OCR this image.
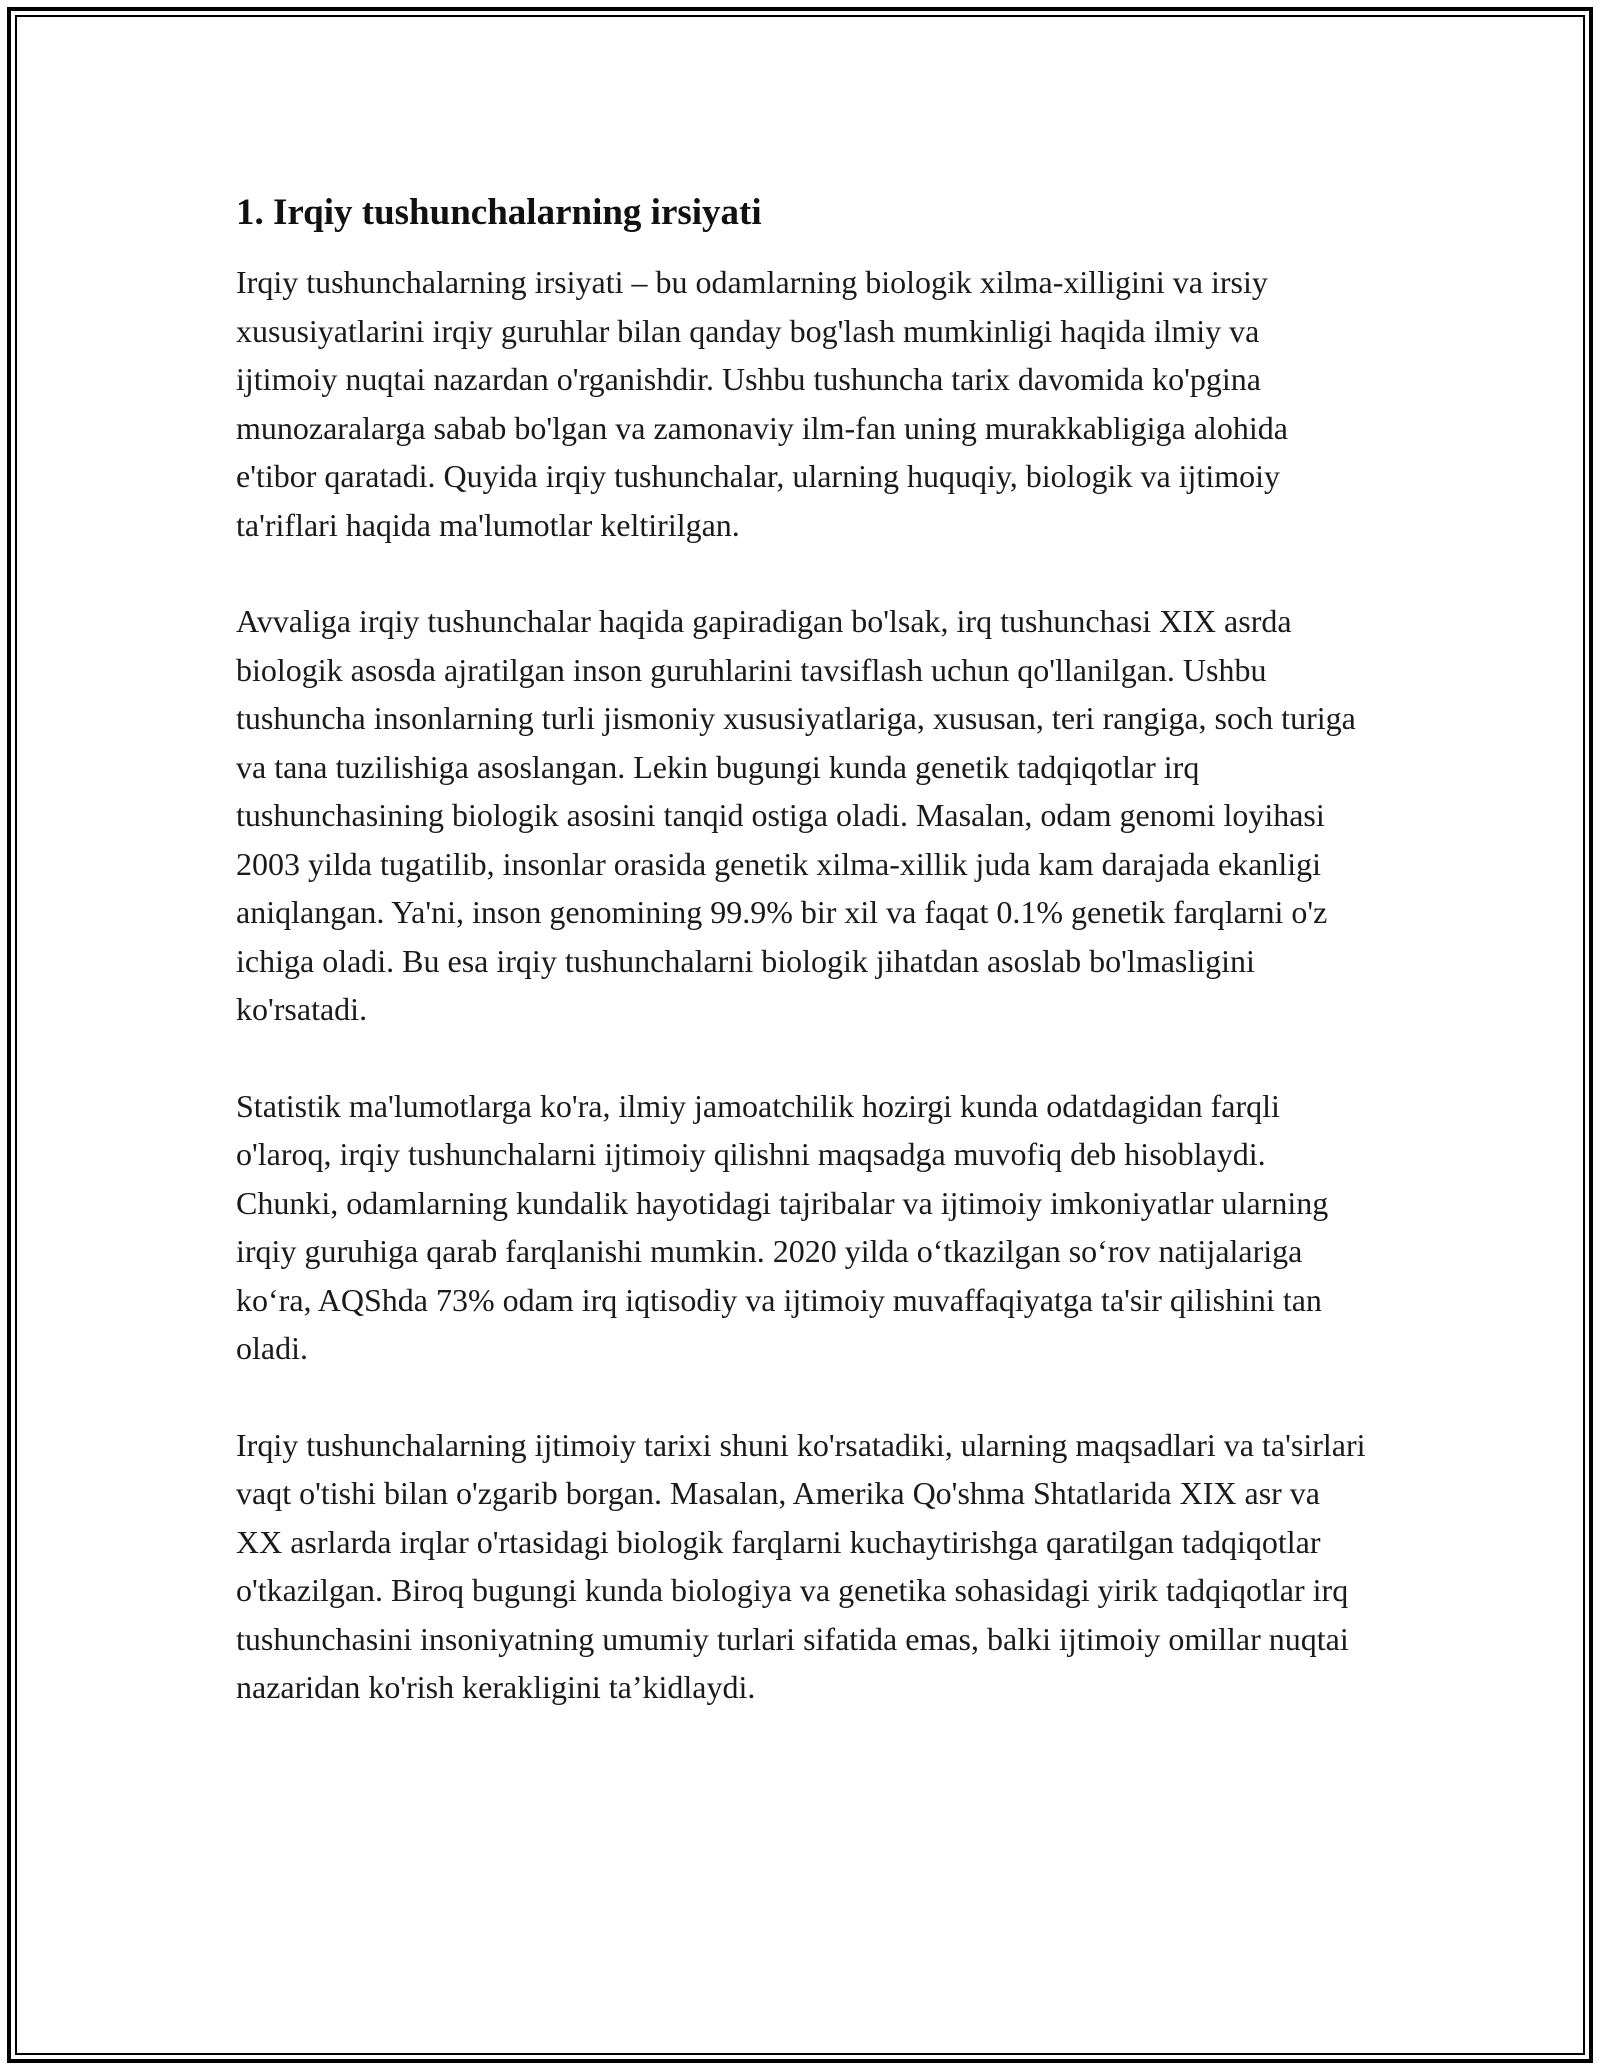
1. Irqiy tushunchalarning irsiyati

Irqiy tushunchalarning irsiyati – bu odamlarning biologik xilma-xilligini va irsiy xususiyatlarini irqiy guruhlar bilan qanday bog'lash mumkinligi haqida ilmiy va ijtimoiy nuqtai nazardan o'rganishdir. Ushbu tushuncha tarix davomida ko'pgina munozaralarga sabab bo'lgan va zamonaviy ilm-fan uning murakkabligiga alohida e'tibor qaratadi. Quyida irqiy tushunchalar, ularning huquqiy, biologik va ijtimoiy ta'riflari haqida ma'lumotlar keltirilgan.

Avvaliga irqiy tushunchalar haqida gapiradigan bo'lsak, irq tushunchasi XIX asrda biologik asosda ajratilgan inson guruhlarini tavsiflash uchun qo'llanilgan. Ushbu tushuncha insonlarning turli jismoniy xususiyatlariga, xususan, teri rangiga, soch turiga va tana tuzilishiga asoslangan. Lekin bugungi kunda genetik tadqiqotlar irq tushunchasining biologik asosini tanqid ostiga oladi. Masalan, odam genomi loyihasi 2003 yilda tugatilib, insonlar orasida genetik xilma-xillik juda kam darajada ekanligi aniqlangan. Ya'ni, inson genomining 99.9% bir xil va faqat 0.1% genetik farqlarni o'z ichiga oladi. Bu esa irqiy tushunchalarni biologik jihatdan asoslab bo'lmasligini ko'rsatadi.

Statistik ma'lumotlarga ko'ra, ilmiy jamoatchilik hozirgi kunda odatdagidan farqli o'laroq, irqiy tushunchalarni ijtimoiy qilishni maqsadga muvofiq deb hisoblaydi. Chunki, odamlarning kundalik hayotidagi tajribalar va ijtimoiy imkoniyatlar ularning irqiy guruhiga qarab farqlanishi mumkin. 2020 yilda oʻtkazilgan soʻrov natijalariga koʻra, AQShda 73% odam irq iqtisodiy va ijtimoiy muvaffaqiyatga ta'sir qilishini tan oladi.

Irqiy tushunchalarning ijtimoiy tarixi shuni ko'rsatadiki, ularning maqsadlari va ta'sirlari vaqt o'tishi bilan o'zgarib borgan. Masalan, Amerika Qo'shma Shtatlarida XIX asr va XX asrlarda irqlar o'rtasidagi biologik farqlarni kuchaytirishga qaratilgan tadqiqotlar o'tkazilgan. Biroq bugungi kunda biologiya va genetika sohasidagi yirik tadqiqotlar irq tushunchasini insoniyatning umumiy turlari sifatida emas, balki ijtimoiy omillar nuqtai nazaridan ko'rish kerakligini ta’kidlaydi.
